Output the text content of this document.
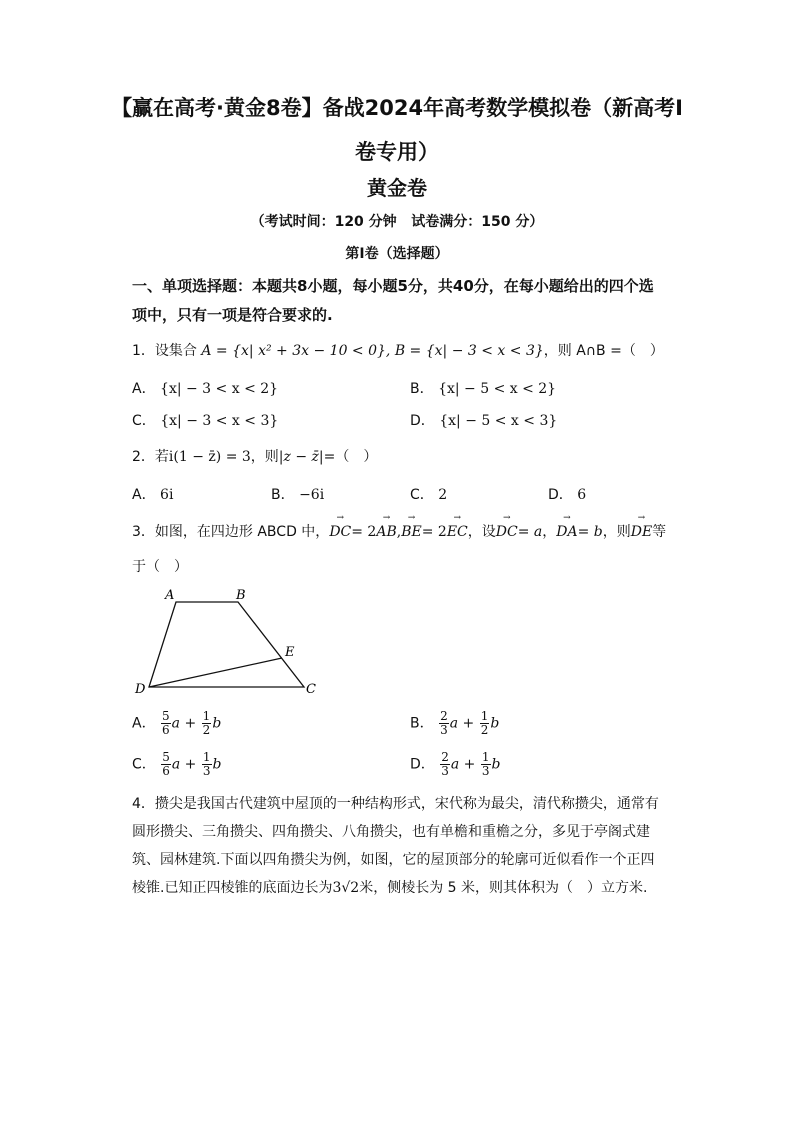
【赢在高考·黄金8卷】备战2024年高考数学模拟卷（新高考Ⅰ卷专用）
黄金卷
（考试时间：120 分钟   试卷满分：150 分）
第Ⅰ卷（选择题）
一、单项选择题：本题共8小题，每小题5分，共40分，在每小题给出的四个选项中，只有一项是符合要求的.
1．设集合 A = {x| x² + 3x − 10 < 0}, B = {x| − 3 < x < 3}，则 A∩B =（　）
A． {x| − 3 < x < 2}	B． {x| − 5 < x < 2}
C． {x| − 3 < x < 3}	D． {x| − 5 < x < 3}
2．若i(1 − z̄) = 3，则|z − z̄|=（　）
A． 6i	B． −6i	C． 2	D． 6
3．如图，在四边形 ABCD 中，→ DC= 2→ AB,→ BE= 2→ EC，设→ DC= a，→ DA= b，则→ DE等
于（　）
A	B
C
D
E
A． $\frac{5}{6}$ $a + \frac{1}{2}$ b	B． $\frac{2}{3}$ $a + \frac{1}{2}$ b
C． $\frac{5}{6}$ $a + \frac{1}{3}$ b	D． $\frac{2}{3}$ $a + \frac{1}{3}$ b
4．攒尖是我国古代建筑中屋顶的一种结构形式，宋代称为最尖，清代称攒尖，通常有圆形攒尖、三角攒尖、四角攒尖、八角攒尖，也有单檐和重檐之分，多见于亭阁式建筑、园林建筑.下面以四角攒尖为例，如图，它的屋顶部分的轮廓可近似看作一个正四棱锥.已知正四棱锥的底面边长为3√2米，侧棱长为 5 米，则其体积为（　）立方米.
